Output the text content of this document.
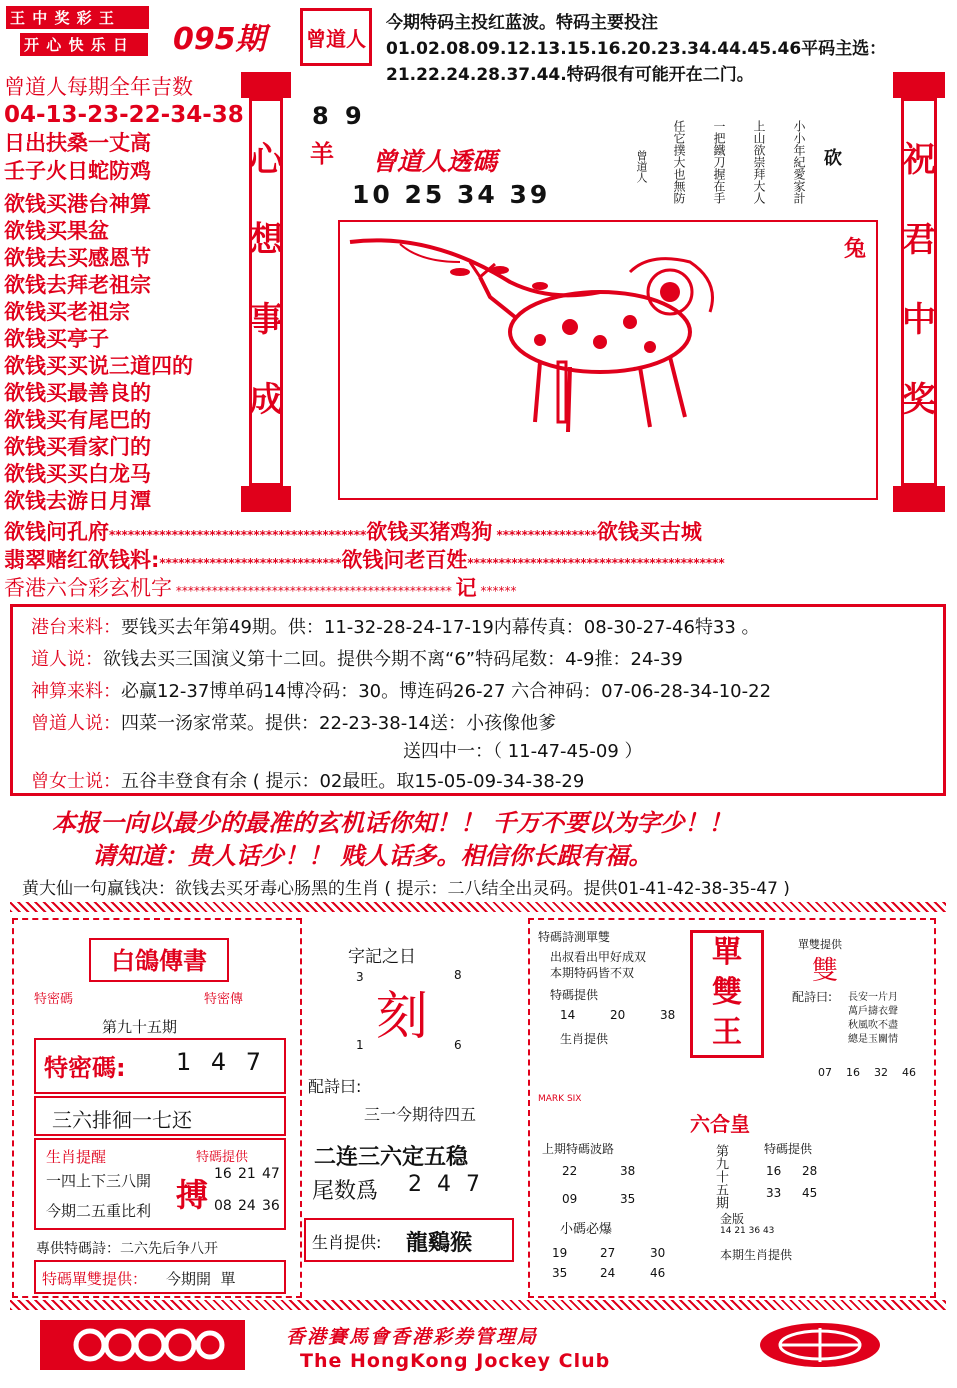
王 中 奖 彩 王
开 心 快 乐 日	095期 曾道人
今期特码主投红蓝波。特码主要投注01.02.08.09.12.13.15.16.20.23.34.44.45.46平码主选：21.22.24.28.37.44.特码很有可能开在二门。
曾道人每期全年吉数
04-13-23-22-34-38
日出扶桑一丈高
壬子火日蛇防鸡
欲钱买港台神算
欲钱买果盆
欲钱去买感恩节
欲钱去拜老祖宗
欲钱买老祖宗
欲钱买亭子
欲钱买买说三道四的
欲钱买最善良的
欲钱买有尾巴的
欲钱买看家门的
欲钱买买白龙马
欲钱去游日月潭
心
想
事
成
祝
君
中
奖
8 9
羊 曾道人透碼
10 25 34 39	小小年紀愛家計
上山欲崇拜大人
一把鐵刀握在手
任它撲大也無防
曾道人	砍
兔
欲钱问孔府*****************************************欲钱买猪鸡狗 ****************欲钱买古城
翡翠赌红欲钱料:*****************************欲钱问老百姓*****************************************
香港六合彩玄机字 ********************************************** 记 ******
港台来料：要钱买去年第49期。供：11-32-28-24-17-19内幕传真：08-30-27-46特33 。
道人说：欲钱去买三国演义第十二回。提供今期不离“6”特码尾数：4-9推：24-39
神算来料：必赢12-37博单码14博冷码：30。博连码26-27 六合神码：07-06-28-34-10-22
曾道人说：四菜一汤家常菜。提供：22-23-38-14送：小孩像他爹
送四中一：（ 11-47-45-09 ）
曾女士说：五谷丰登食有余 ( 提示：02最旺。取15-05-09-34-38-29
本报一向以最少的最准的玄机话你知！！ 千万不要以为字少！！
请知道：贵人话少！！ 贱人话多。相信你长跟有福。
黄大仙一句赢钱决：欲钱去买牙毒心肠黑的生肖 ( 提示：二八结全出灵码。提供01-41-42-38-35-47 )
白鴿傳書
特密碼	特密傳
第九十五期
特密碼: 1 4 7
三六排徊一七还
生肖提醒
一四上下三八開
今期二五重比利
特碼提供
搏
16 21 47
08 24 36
專供特碼詩：二六先后争八开
特碼單雙提供： 今期開  單
字記之日
刻
3	8
1	6
配詩曰:
三一今期待四五
二连三六定五稳
尾数爲 2 4 7
生肖提供: 龍鷄猴
特碼詩測單雙
出叔看出甲好成双
本期特码皆不双
特碼提供
14	20	38
生肖提供
單
雙
王
單雙提供
雙
配詩曰: 長安一片月
萬戶擣衣聲
秋風吹不盡
總是玉關情
07 16 32 46
MARK SIX
六合皇
上期特碼波路
22	38
09	35	第九十五期
金版
特碼提供
16 28
33 45
小碼必爆	14 21 36 43
19	27	30
35	24	46
本期生肖提供
香港賽馬會香港彩券管理局
The HongKong Jockey Club
